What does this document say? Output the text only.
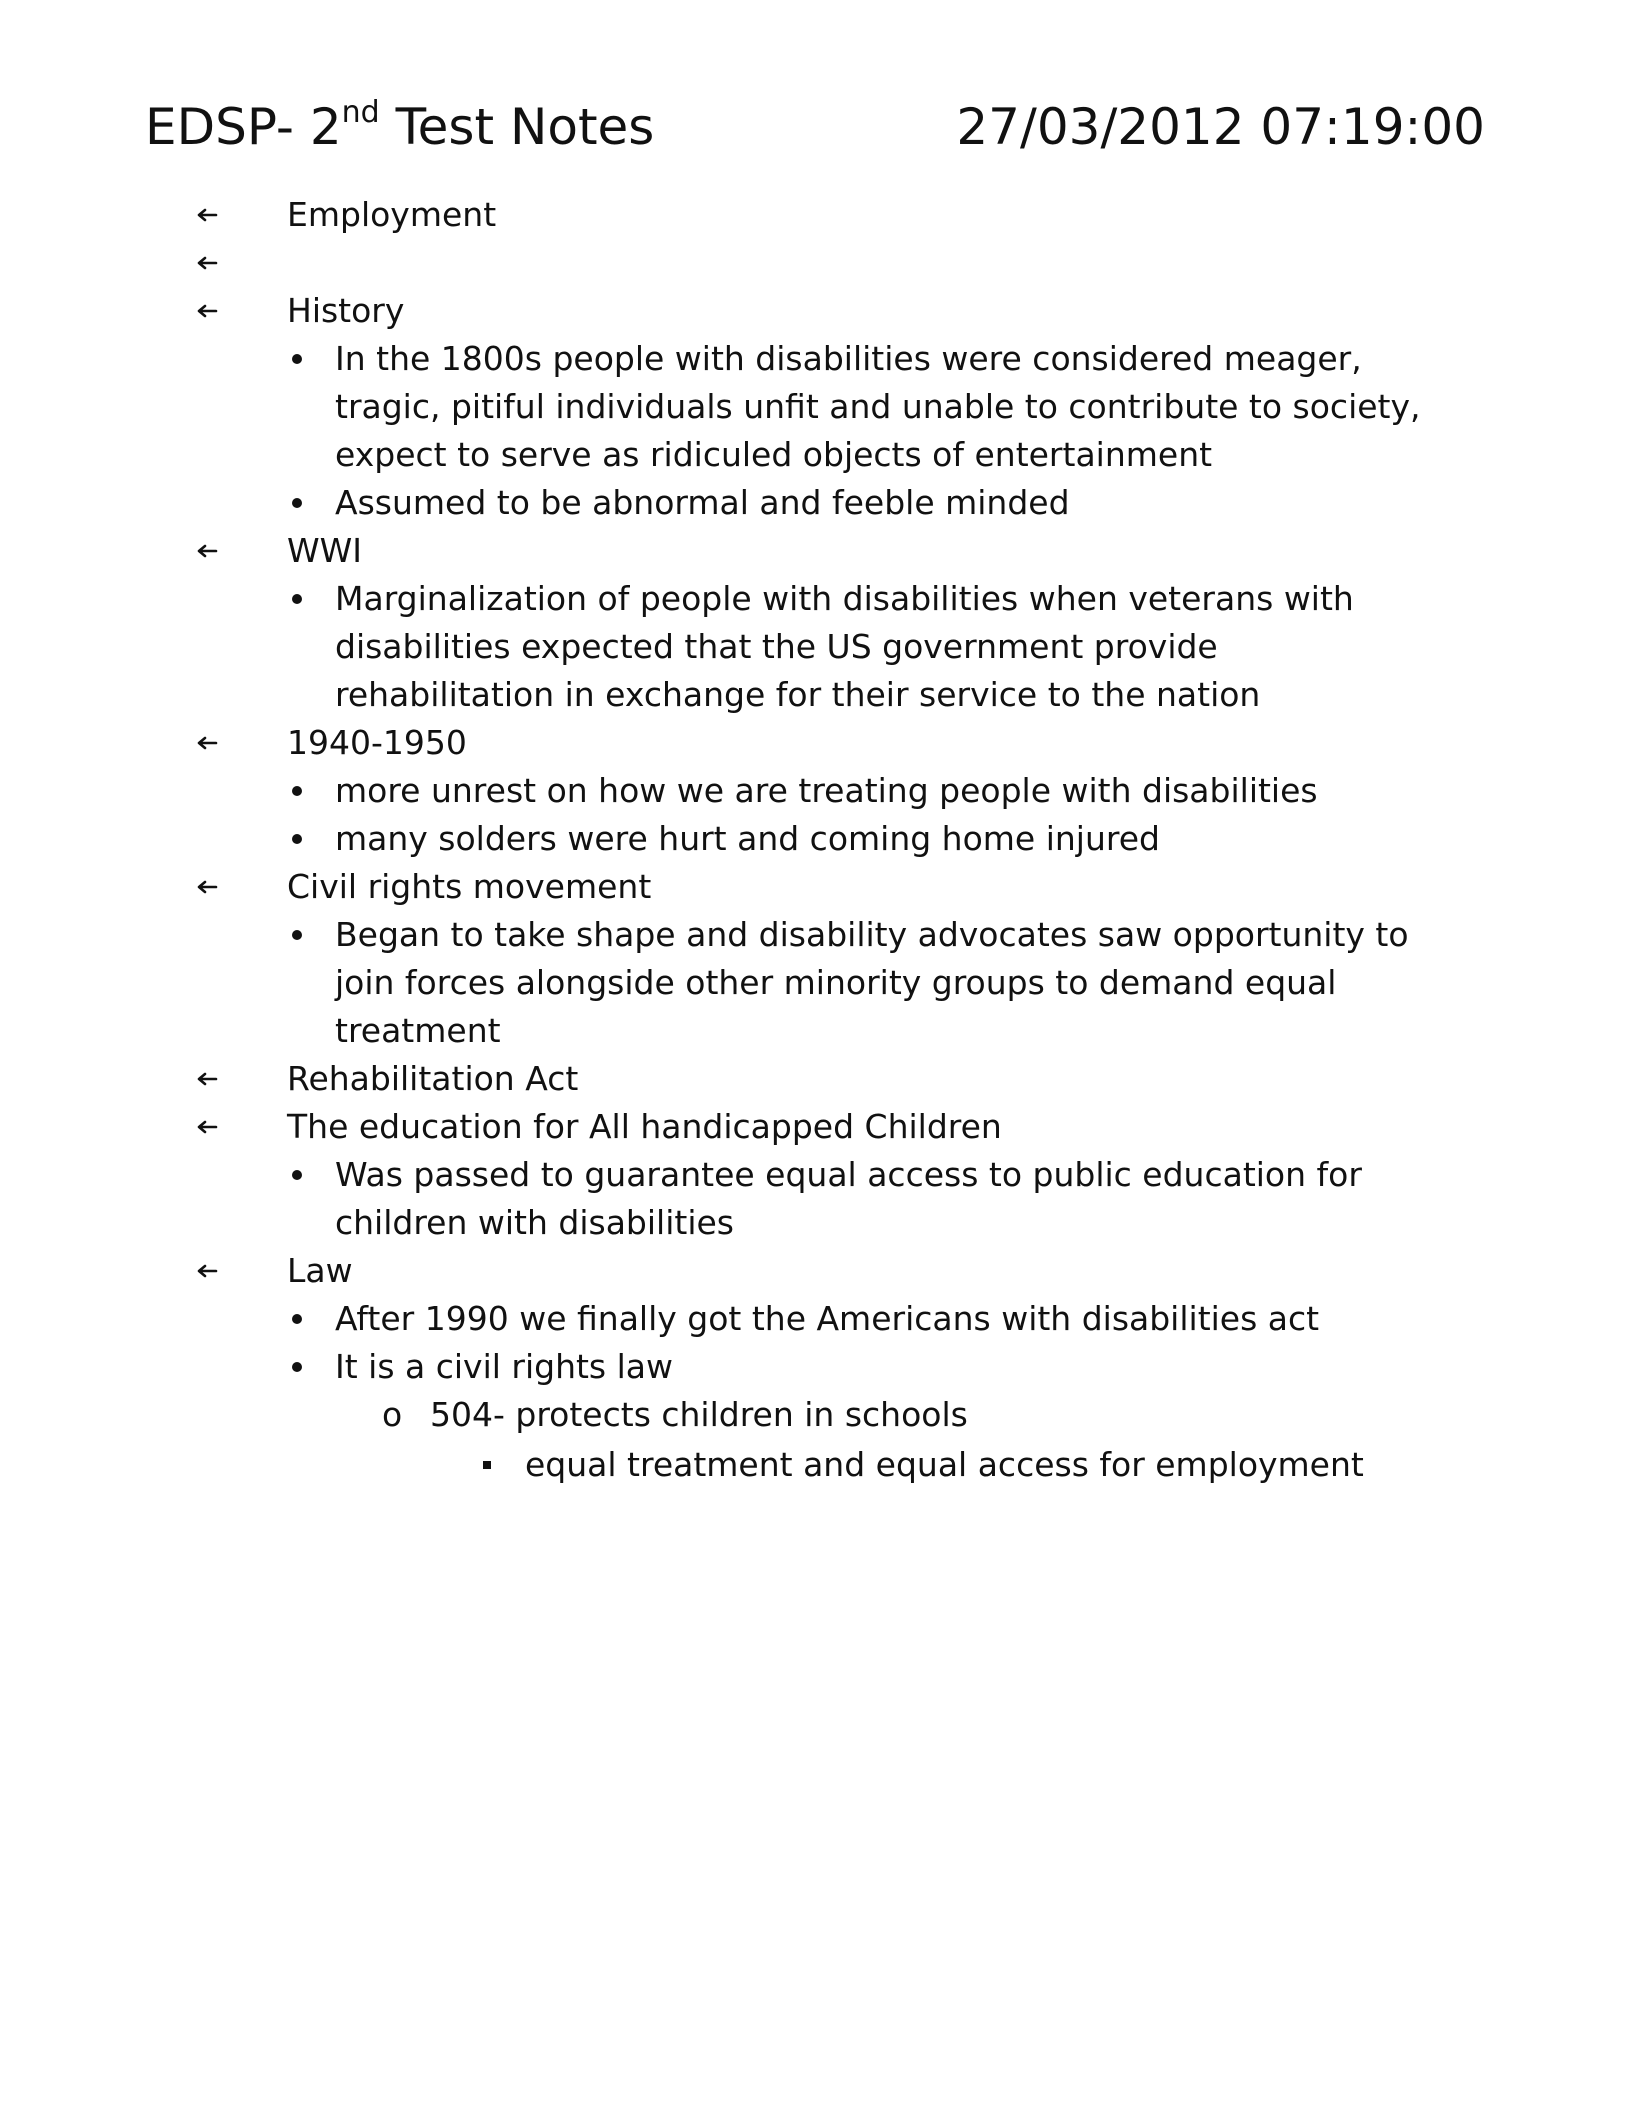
EDSP- 2nd Test Notes	27/03/2012 07:19:00
Employment
History
In the 1800s people with disabilities were considered meager, tragic, pitiful individuals unfit and unable to contribute to society, expect to serve as ridiculed objects of entertainment
Assumed to be abnormal and feeble minded
WWI
Marginalization of people with disabilities when veterans with disabilities expected that the US government provide rehabilitation in exchange for their service to the nation
1940-1950
more unrest on how we are treating people with disabilities
many solders were hurt and coming home injured
Civil rights movement
Began to take shape and disability advocates saw opportunity to join forces alongside other minority groups to demand equal treatment
Rehabilitation Act
The education for All handicapped Children
Was passed to guarantee equal access to public education for children with disabilities
Law
After 1990 we finally got the Americans with disabilities act
It is a civil rights law
o 504- protects children in schools
equal treatment and equal access for employment
